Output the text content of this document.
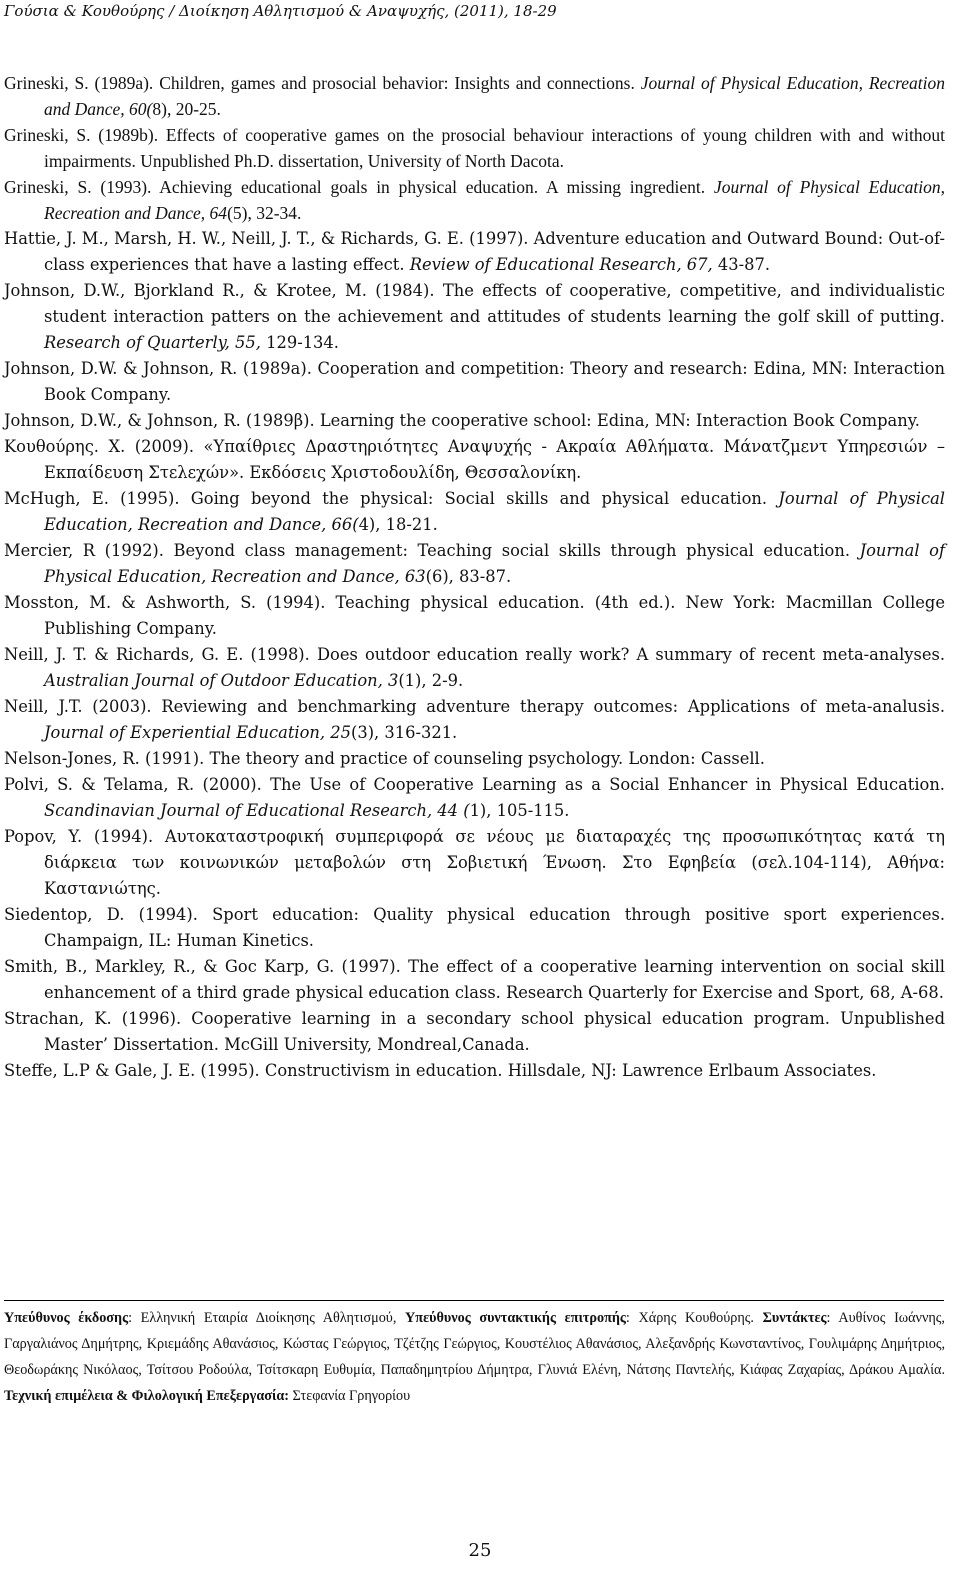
Γούσια & Κουθούρης / Διοίκηση Αθλητισμού & Αναψυχής, (2011), 18-29

Grineski, S. (1989a). Children, games and prosocial behavior: Insights and connections. Journal of Physical Education, Recreation and Dance, 60(8), 20-25.

Grineski, S. (1989b). Effects of cooperative games on the prosocial behaviour interactions of young children with and without impairments. Unpublished Ph.D. dissertation, University of North Dacota.

Grineski, S. (1993). Achieving educational goals in physical education. A missing ingredient. Journal of Physical Education, Recreation and Dance, 64(5), 32-34.

Hattie, J. M., Marsh, H. W., Neill, J. T., & Richards, G. E. (1997). Adventure education and Outward Bound: Out-of-class experiences that have a lasting effect. Review of Educational Research, 67, 43-87.

Johnson, D.W., Bjorkland R., & Krotee, M. (1984). The effects of cooperative, competitive, and individualistic student interaction patters on the achievement and attitudes of students learning the golf skill of putting. Research of Quarterly, 55, 129-134.

Johnson, D.W. & Johnson, R. (1989a). Cooperation and competition: Theory and research: Edina, MN: Interaction Book Company.

Johnson, D.W., & Johnson, R. (1989β). Learning the cooperative school: Edina, MN: Interaction Book Company.

Κουθούρης. Χ. (2009). «Υπαίθριες Δραστηριότητες Αναψυχής - Ακραία Αθλήματα. Μάνατζμεντ Υπηρεσιών – Εκπαίδευση Στελεχών». Εκδόσεις Χριστοδουλίδη, Θεσσαλονίκη.

McHugh, E. (1995). Going beyond the physical: Social skills and physical education. Journal of Physical Education, Recreation and Dance, 66(4), 18-21.

Mercier, R (1992). Beyond class management: Teaching social skills through physical education. Journal of Physical Education, Recreation and Dance, 63(6), 83-87.

Mosston, M. & Ashworth, S. (1994). Teaching physical education. (4th ed.). New York: Macmillan College Publishing Company.

Neill, J. T. & Richards, G. E. (1998). Does outdoor education really work? A summary of recent meta-analyses. Australian Journal of Outdoor Education, 3(1), 2-9.

Neill, J.T. (2003). Reviewing and benchmarking adventure therapy outcomes: Applications of meta-analusis. Journal of Experiential Education, 25(3), 316-321.

Nelson-Jones, R. (1991). The theory and practice of counseling psychology. London: Cassell.

Polvi, S. & Telama, R. (2000). The Use of Cooperative Learning as a Social Enhancer in Physical Education. Scandinavian Journal of Educational Research, 44 (1), 105-115.

Popov, Y. (1994). Αυτοκαταστροφική συμπεριφορά σε νέους με διαταραχές της προσωπικότητας κατά τη διάρκεια των κοινωνικών μεταβολών στη Σοβιετική Ένωση. Στο Εφηβεία (σελ.104-114), Αθήνα: Καστανιώτης.

Siedentop, D. (1994). Sport education: Quality physical education through positive sport experiences. Champaign, IL: Human Kinetics.

Smith, B., Markley, R., & Goc Karp, G. (1997). The effect of a cooperative learning intervention on social skill enhancement of a third grade physical education class. Research Quarterly for Exercise and Sport, 68, A-68.

Strachan, K. (1996). Cooperative learning in a secondary school physical education program. Unpublished Master’ Dissertation. McGill University, Mondreal,Canada.

Steffe, L.P & Gale, J. E. (1995). Constructivism in education. Hillsdale, NJ: Lawrence Erlbaum Associates.

Υπεύθυνος έκδοσης: Ελληνική Εταιρία Διοίκησης Αθλητισμού, Υπεύθυνος συντακτικής επιτροπής: Χάρης Κουθούρης. Συντάκτες: Αυθίνος Ιωάννης, Γαργαλιάνος Δημήτρης, Κριεμάδης Αθανάσιος, Κώστας Γεώργιος, Τζέτζης Γεώργιος, Κουστέλιος Αθανάσιος, Αλεξανδρής Κωνσταντίνος, Γουλιμάρης Δημήτριος, Θεοδωράκης Νικόλαος, Τσίτσου Ροδούλα, Τσίτσκαρη Ευθυμία, Παπαδημητρίου Δήμητρα, Γλυνιά Ελένη, Νάτσης Παντελής, Κιάφας Ζαχαρίας, Δράκου Αμαλία. Τεχνική επιμέλεια & Φιλολογική Επεξεργασία: Στεφανία Γρηγορίου
25
